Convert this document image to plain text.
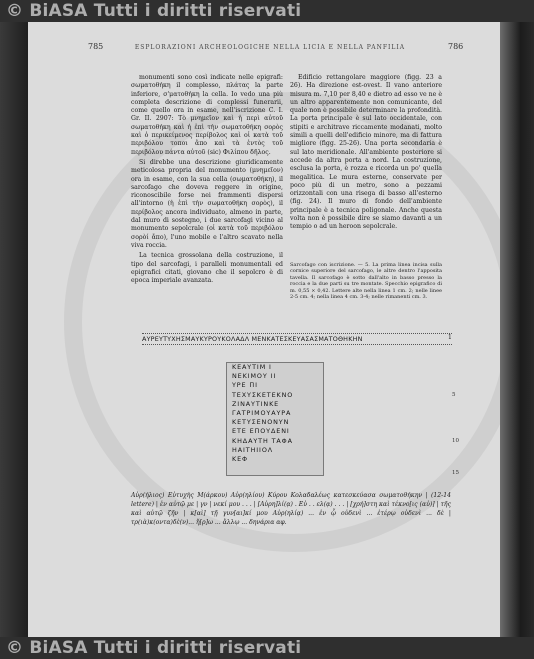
© BiASA Tutti i diritti riservati
785	ESPLORAZIONI ARCHEOLOGICHE NELLA LICIA E NELLA PANFILIA	786

monumenti sono così indicate nelle epigrafi: σωματοθήκη il complesso, πλάτας la parte inferiore, σ'ματοθήκη la cella. Io vedo una più completa descrizione di complessi funerarii, come quello ora in esame, nell'iscrizione C. I. Gr. II. 2907: Τὸ μνημεῖον καὶ ἡ περὶ αὐτοῦ σωματοθήκη καὶ ἡ ἐπὶ τὴν σωματοθήκη σορὸς καὶ ὁ περικείμενος περίβολος καὶ οἱ κατὰ τοῦ περιβόλου τοποι ἄπο καὶ τὰ ἐντὸς τοῦ περιβόλου πάντα αὐτοῦ (sic) Φιλίπου δῆλος.

Si direbbe una descrizione giuridicamente meticolosa propria del monumento (μνημεῖον) ora in esame, con la sua cella (σωματοθήκη), il sarcofago che doveva reggere in origine, riconoscibile forse nei frammenti dispersi all'intorno (ἡ ἐπὶ τὴν σωματοθήκη σορὸς), il περίβολος ancora individuato, almeno in parte, dal muro di sostegno, i due sarcofagi vicino al monumento sepolcrale (οἱ κατὰ τοῦ περιβόλου σορὸί ἄπο), l'uno mobile e l'altro scavato nella viva roccia.

La tecnica grossolana della costruzione, il tipo del sarcofagi, i paralleli monumentali ed epigrafici citati, giovano che il sepolcro è di epoca imperiale avanzata.

Edificio rettangolare maggiore (figg. 23 a 26). Ha direzione est-ovest. Il vano anteriore misura m. 7,10 per 8,40 e dietro ad esso ve ne è un altro apparentemente non comunicante, del quale non è possibile determinare la profondità. La porta principale è sul lato occidentale, con stipiti e architrave riccamente modanati, molto simili a quelli dell'edificio minore, ma di fattura migliore (figg. 25-26). Una porta secondaria è sul lato meridionale. All'ambiente posteriore si accede da altra porta a nord. La costruzione, esclusa la porta, è rozza e ricorda un po' quella megalitica. Le mura esterne, conservate per poco più di un metro, sono a pezzami orizzontali con una risega di basso all'esterno (fig. 24). Il muro di fondo dell'ambiente principale è a tecnica poligonale. Anche questa volta non è possibile dire se siamo davanti a un tempio o ad un heroon sepolcrale.

Sarcofago con iscrizione. — 5. La prima linea incisa sulla cornice superiore del sarcofago, le altre dentro l'apposita tavella. Il sarcofago è sotto dall'alto in basso presso la roccia e la due parti su tre montate. Specchio epigrafico di m. 0,55 × 0,42. Lettere alte nella linea 1 cm. 2; nelle linee 2-5 cm. 4; nella linea 4 cm. 3-4; nelle rimanenti cm. 3.
ΑΥΡΕΥΤΥΧΗΣΜΑΥΚΥΡΟΥΚΟΛΑΔΛ ΜΕΝΚΑΤΕΣΚΕΥΑΣΑΣΜΑΤΟΘΗΚΗΝ	1
ΚΕΑΥΤΙΜ Ι
ΝΕΚΙΜΟΥ ΙΙ
ΥΡΕ ΠΙ
ΤΕΧΥΣΚΕΤΕΚΝΟ
ΖΙΝΑΥΤΙΝΚΕ
ΓΑΤΡΙΜΟΥΑΥΡΑ
ΚΕΤΥΣΕΝΟΝΥΝ
ΕΤΕ ΕΠΟΥΔΕΝΙ
ΚΗΔΑΥΤΗ ΤΑΦΑ
ΗΑΙΤΗΙΙΟΛ
ΚΕΦ
5
10
15
Αὐρ(ήλιος) Εὐτυχὴς Μ(άρκου) Αὐρ(ηλίου) Κύρου Κολαδαλέως κατεσκεύασα σωματοθήκην | (12-14 lettere) | ἐν αὐτῷ με | γν | νεκί μου . . . | [Αὐρη]λί(ᾳ) . Εὐ . . ελ(ᾳ) . . . | [χρή]στη καὶ τέκνο[ις (αὐ)] | τῆς καὶ αὐτῷ ζῆν | κ[αὶ] τῇ γυν[αι]κί μου Αὐρ(ηλίᾳ) ... ἐν ᾧ οὐδενὶ ... ἐτέρῳ οὐδενὶ ... δὲ | τρ(ιὰ)κ(οντα)δὲ(ν)... ἤ[ρ]ω ... ἄλλῳ ... δηνάρια αφ.
© BiASA Tutti i diritti riservati
